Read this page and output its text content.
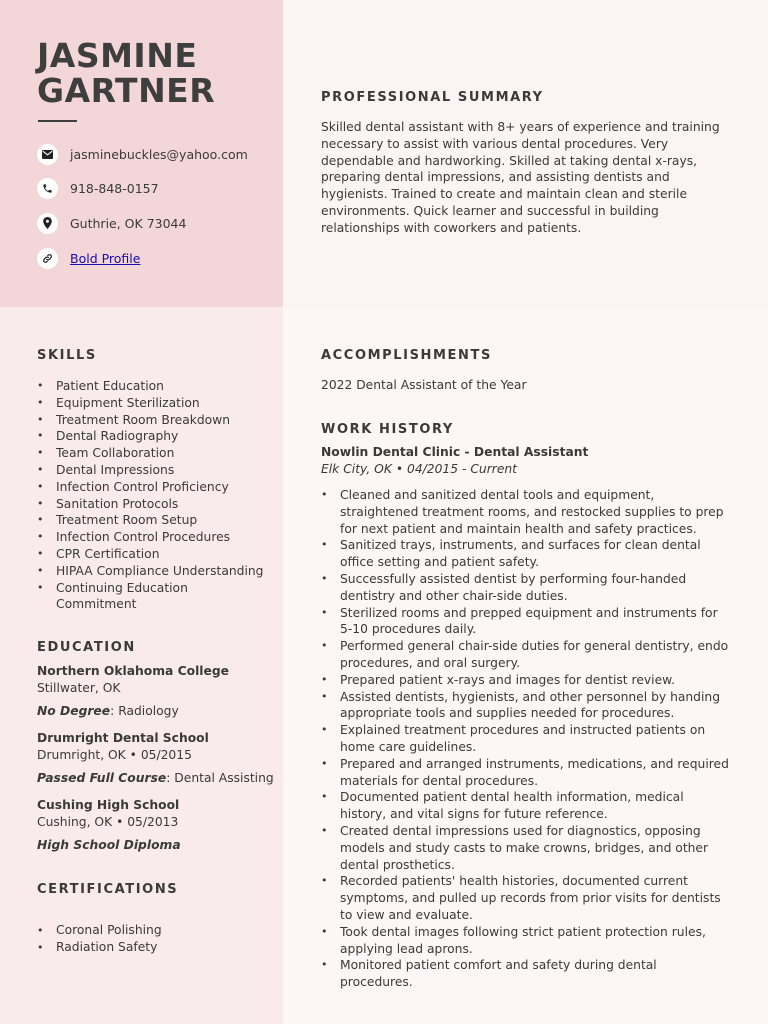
JASMINE
GARTNER
jasminebuckles@yahoo.com
918-848-0157
Guthrie, OK 73044
Bold Profile
PROFESSIONAL SUMMARY

Skilled dental assistant with 8+ years of experience and training necessary to assist with various dental procedures. Very dependable and hardworking. Skilled at taking dental x-rays, preparing dental impressions, and assisting dentists and hygienists. Trained to create and maintain clean and sterile environments. Quick learner and successful in building relationships with coworkers and patients.

SKILLS
• Patient Education
• Equipment Sterilization
• Treatment Room Breakdown
• Dental Radiography
• Team Collaboration
• Dental Impressions
• Infection Control Proficiency
• Sanitation Protocols
• Treatment Room Setup
• Infection Control Procedures
• CPR Certification
• HIPAA Compliance Understanding
• Continuing Education Commitment
EDUCATION
Northern Oklahoma College
Stillwater, OK
No Degree: Radiology
Drumright Dental School
Drumright, OK • 05/2015
Passed Full Course: Dental Assisting
Cushing High School
Cushing, OK • 05/2013
High School Diploma
CERTIFICATIONS
• Coronal Polishing
• Radiation Safety
ACCOMPLISHMENTS

2022 Dental Assistant of the Year

WORK HISTORY
Nowlin Dental Clinic - Dental Assistant
Elk City, OK • 04/2015 - Current
• Cleaned and sanitized dental tools and equipment, straightened treatment rooms, and restocked supplies to prep for next patient and maintain health and safety practices.
• Sanitized trays, instruments, and surfaces for clean dental office setting and patient safety.
• Successfully assisted dentist by performing four-handed dentistry and other chair-side duties.
• Sterilized rooms and prepped equipment and instruments for 5-10 procedures daily.
• Performed general chair-side duties for general dentistry, endo procedures, and oral surgery.
• Prepared patient x-rays and images for dentist review.
• Assisted dentists, hygienists, and other personnel by handing appropriate tools and supplies needed for procedures.
• Explained treatment procedures and instructed patients on home care guidelines.
• Prepared and arranged instruments, medications, and required materials for dental procedures.
• Documented patient dental health information, medical history, and vital signs for future reference.
• Created dental impressions used for diagnostics, opposing models and study casts to make crowns, bridges, and other dental prosthetics.
• Recorded patients' health histories, documented current symptoms, and pulled up records from prior visits for dentists to view and evaluate.
• Took dental images following strict patient protection rules, applying lead aprons.
• Monitored patient comfort and safety during dental procedures.
